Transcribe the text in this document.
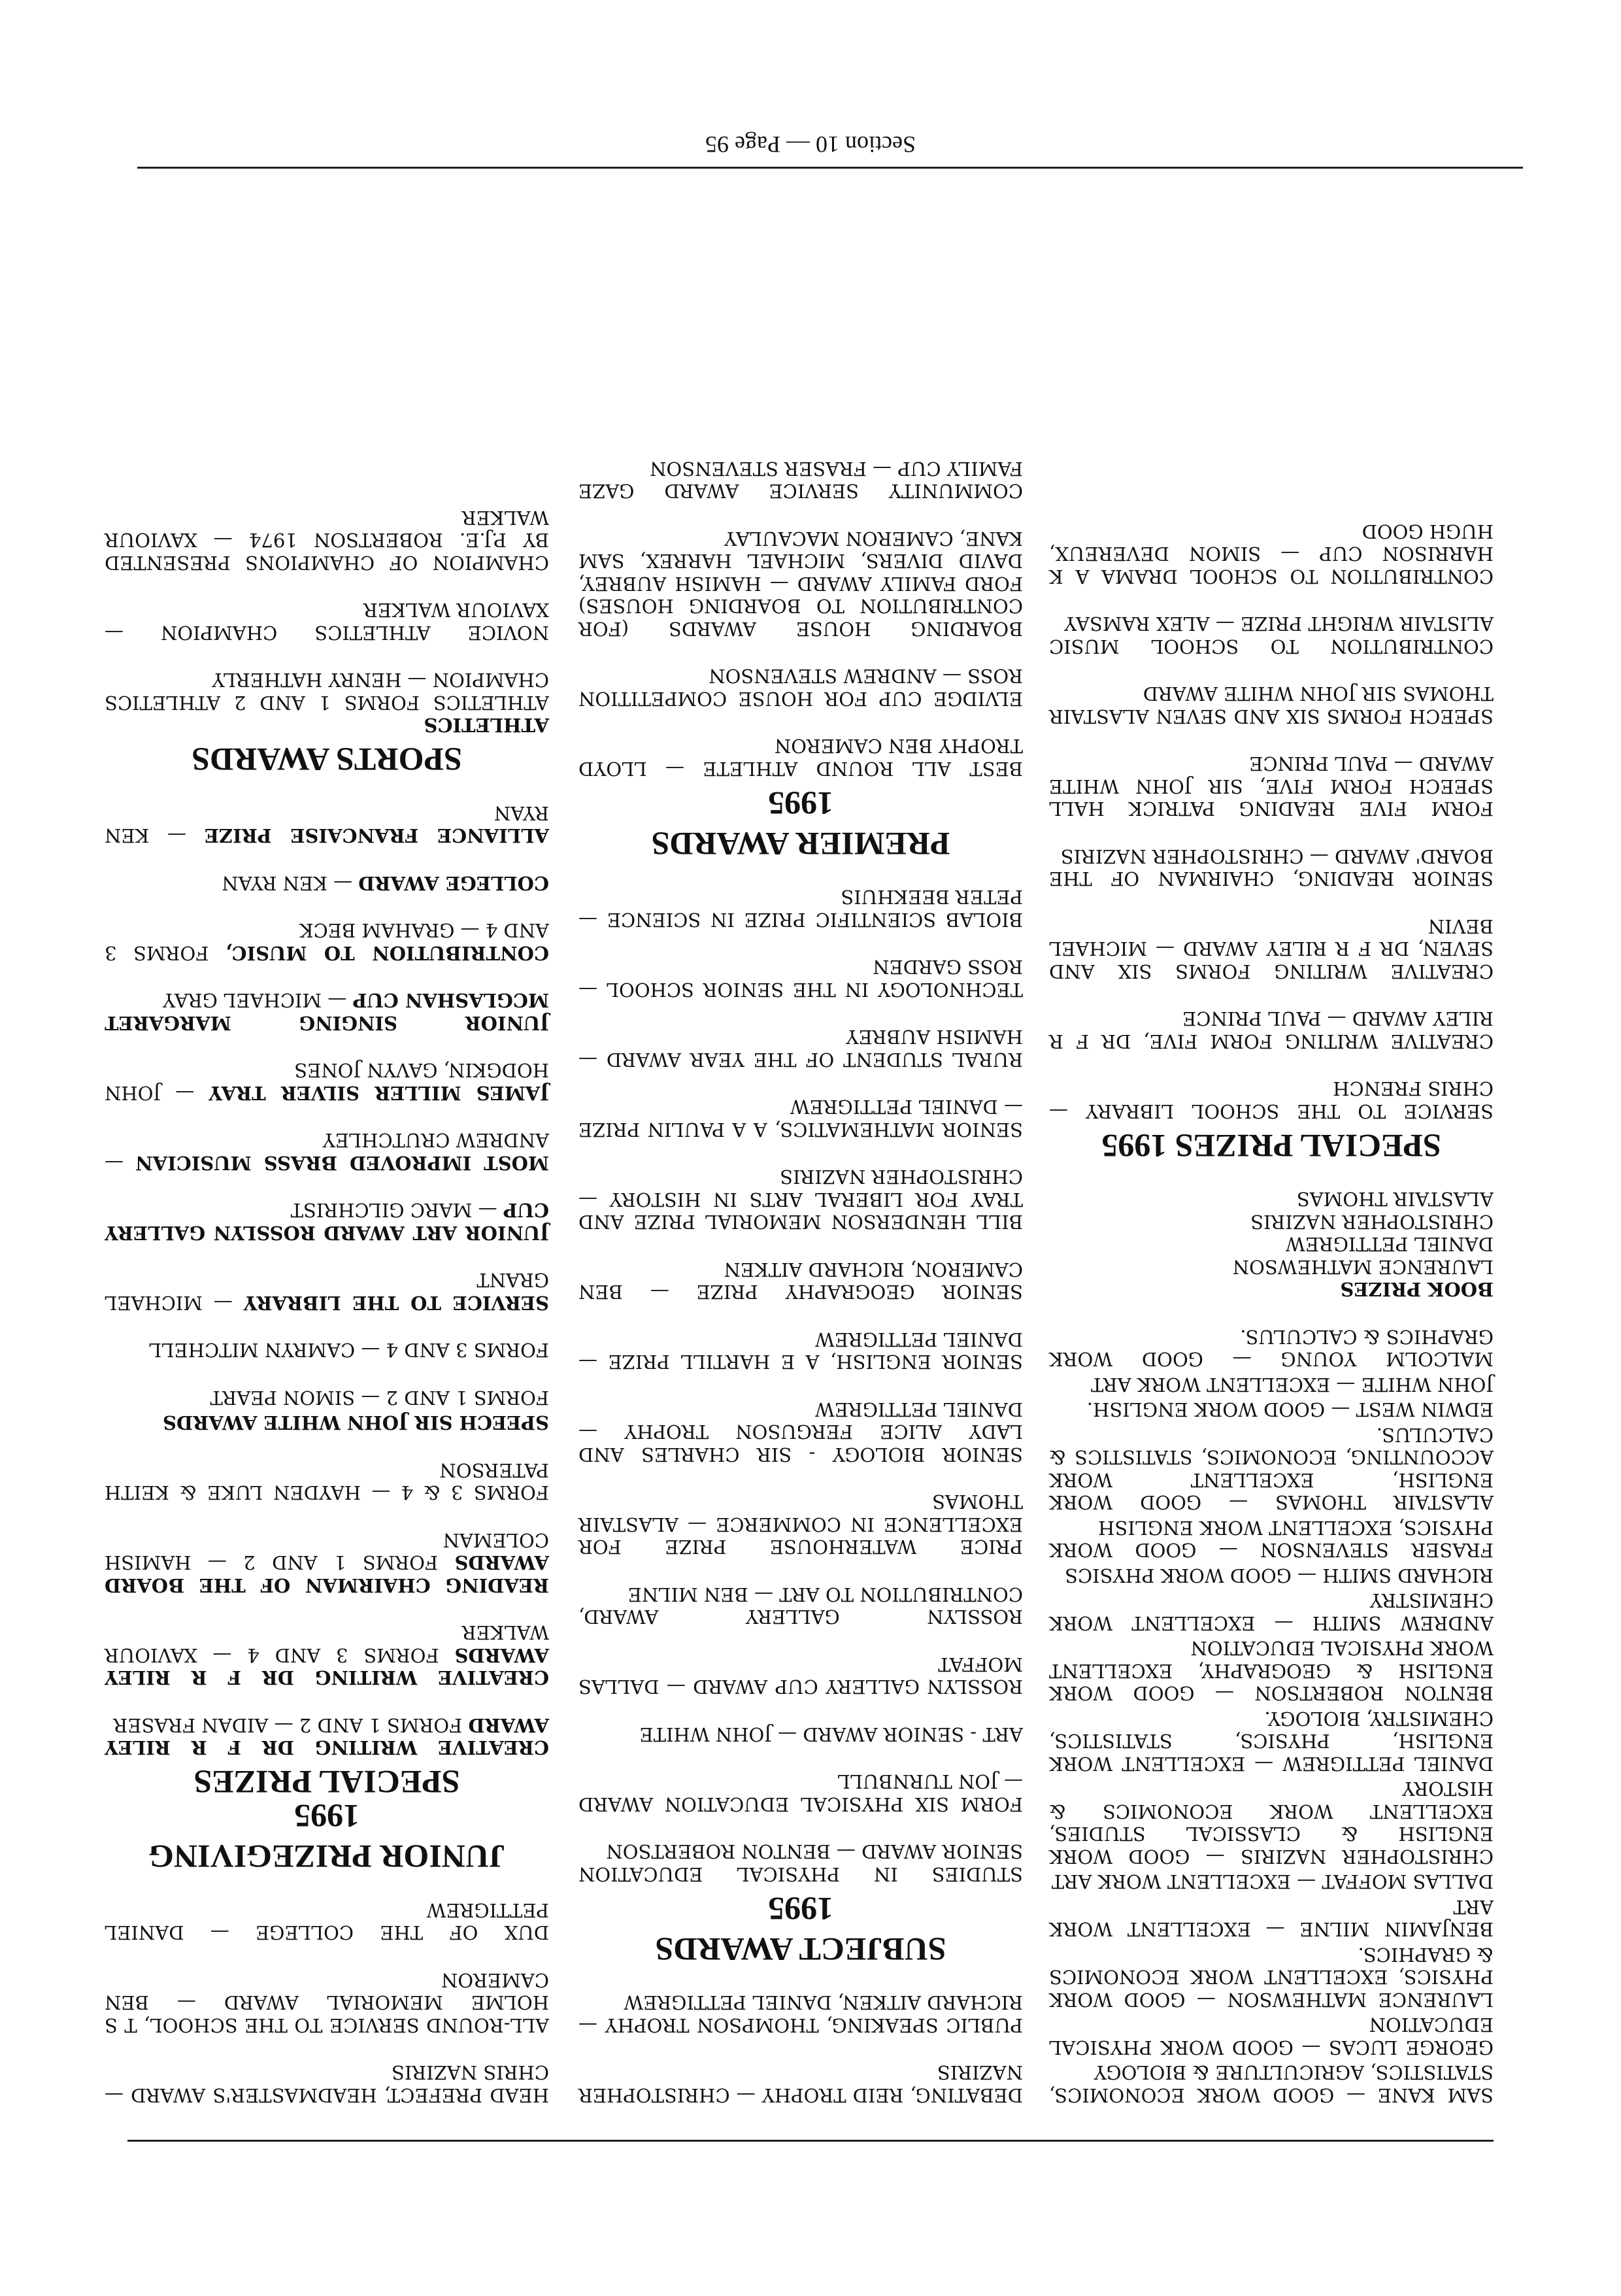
SAM KANE — GOOD WORK ECONOMICS, STATISTICS, AGRICULTURE & BIOLOGY
GEORGE LUCAS — GOOD WORK PHYSICAL EDUCATION
LAURENCE MATHEWSON — GOOD WORK PHYSICS, EXCELLENT WORK ECONOMICS & GRAPHICS.
BENJAMIN MILNE — EXCELLENT WORK ART
DALLAS MOFFAT — EXCELLENT WORK ART
CHRISTOPHER NAZIRIS — GOOD WORK ENGLISH & CLASSICAL STUDIES, EXCELLENT WORK ECONOMICS & HISTORY
DANIEL PETTIGREW — EXCELLENT WORK ENGLISH, PHYSICS, STATISTICS, CHEMISTRY, BIOLOGY.
BENTON ROBERTSON — GOOD WORK ENGLISH & GEOGRAPHY, EXCELLENT WORK PHYSICAL EDUCATION
ANDREW SMITH — EXCELLENT WORK CHEMISTRY
RICHARD SMITH — GOOD WORK PHYSICS
FRASER STEVENSON — GOOD WORK PHYSICS, EXCELLENT WORK ENGLISH
ALASTAIR THOMAS — GOOD WORK ENGLISH, EXCELLENT WORK ACCOUNTING, ECONOMICS, STATISTICS & CALCULUS.
EDWIN WEST — GOOD WORK ENGLISH.
JOHN WHITE — EXCELLENT WORK ART
MALCOLM YOUNG — GOOD WORK GRAPHICS & CALCULUS.
BOOK PRIZES
LAURENCE MATHEWSON
DANIEL PETTIGREW
CHRISTOPHER NAZIRIS
ALASTAIR THOMAS
SPECIAL PRIZES 1995
SERVICE TO THE SCHOOL LIBRARY — CHRIS FRENCH
CREATIVE WRITING FORM FIVE, DR F R RILEY AWARD — PAUL PRINCE
CREATIVE WRITING FORMS SIX AND SEVEN, DR F R RILEY AWARD — MICHAEL BEVIN
SENIOR READING, CHAIRMAN OF THE BOARD' AWARD — CHRISTOPHER NAZIRIS
FORM FIVE READING PATRICK HALL SPEECH FORM FIVE, SIR JOHN WHITE AWARD — PAUL PRINCE
SPEECH FORMS SIX AND SEVEN ALASTAIR THOMAS SIR JOHN WHITE AWARD
CONTRIBUTION TO SCHOOL MUSIC ALISTAIR WRIGHT PRIZE — ALEX RAMSAY
CONTRIBUTION TO SCHOOL DRAMA A K HARRISON CUP — SIMON DEVEREUX, HUGH GOOD
DEBATING, REID TROPHY — CHRISTOPHER NAZIRIS
PUBLIC SPEAKING, THOMPSON TROPHY — RICHARD AITKEN, DANIEL PETTIGREW
SUBJECT AWARDS
1995
STUDIES IN PHYSICAL EDUCATION SENIOR AWARD — BENTON ROBERTSON
FORM SIX PHYSICAL EDUCATION AWARD — JON TURNBULL
ART - SENIOR AWARD — JOHN WHITE
ROSSLYN GALLERY CUP AWARD — DALLAS MOFFAT
ROSSLYN GALLERY AWARD, CONTRIBUTION TO ART — BEN MILNE
PRICE WATERHOUSE PRIZE FOR EXCELLENCE IN COMMERCE — ALASTAIR THOMAS
SENIOR BIOLOGY - SIR CHARLES AND LADY ALICE FERGUSON TROPHY — DANIEL PETTIGREW
SENIOR ENGLISH, A E HARTILL PRIZE — DANIEL PETTIGREW
SENIOR GEOGRAPHY PRIZE — BEN CAMERON, RICHARD AITKEN
BILL HENDERSON MEMORIAL PRIZE AND TRAY FOR LIBERAL ARTS IN HISTORY — CHRISTOPHER NAZIRIS
SENIOR MATHEMATICS, A A PAULIN PRIZE — DANIEL PETTIGREW
RURAL STUDENT OF THE YEAR AWARD — HAMISH AUBREY
TECHNOLOGY IN THE SENIOR SCHOOL — ROSS GARDEN
BIOLAB SCIENTIFIC PRIZE IN SCIENCE — PETER BEEKHUIS
PREMIER AWARDS
1995
BEST ALL ROUND ATHLETE — LLOYD TROPHY BEN CAMERON
ELVIDGE CUP FOR HOUSE COMPETITION ROSS — ANDREW STEVENSON
BOARDING HOUSE AWARDS (FOR CONTRIBUTION TO BOARDING HOUSES) FORD FAMILY AWARD — HAMISH AUBREY, DAVID DIVERS, MICHAEL HARREX, SAM KANE, CAMERON MACAULAY
COMMUNITY SERVICE AWARD GAZE FAMILY CUP — FRASER STEVENSON
HEAD PREFECT, HEADMASTER'S AWARD — CHRIS NAZIRIS
ALL-ROUND SERVICE TO THE SCHOOL, T S HOLME MEMORIAL AWARD — BEN CAMERON
DUX OF THE COLLEGE — DANIEL PETTIGREW
JUNIOR PRIZEGIVING
1995
SPECIAL PRIZES
CREATIVE WRITING DR F R RILEY AWARD FORMS 1 AND 2 — AIDAN FRASER
CREATIVE WRITING DR F R RILEY AWARDS FORMS 3 AND 4 — XAVIOUR WALKER
READING CHAIRMAN OF THE BOARD AWARDS FORMS 1 AND 2 — HAMISH COLEMAN
FORMS 3 & 4 — HAYDEN LUKE & KEITH PATERSON
SPEECH SIR JOHN WHITE AWARDS
FORMS 1 AND 2 — SIMON PEART
FORMS 3 AND 4 — CAMRYN MITCHELL
SERVICE TO THE LIBRARY — MICHAEL GRANT
JUNIOR ART AWARD ROSSLYN GALLERY CUP — MARC GILCHRIST
MOST IMPROVED BRASS MUSICIAN — ANDREW CRUTCHLEY
JAMES MILLER SILVER TRAY — JOHN HODGKIN, GAVYN JONES
JUNIOR SINGING MARGARET MCGLASHAN CUP — MICHAEL GRAY
CONTRIBUTION TO MUSIC, FORMS 3 AND 4 — GRAHAM BECK
COLLEGE AWARD — KEN RYAN
ALLIANCE FRANCAISE PRIZE — KEN RYAN
SPORTS AWARDS
ATHLETICS
ATHLETICS FORMS 1 AND 2 ATHLETICS CHAMPION — HENRY HATHERLY
NOVICE ATHLETICS CHAMPION — XAVIOUR WALKER
CHAMPION OF CHAMPIONS PRESENTED BY P.J.E. ROBERTSON 1974 — XAVIOUR WALKER
Section 10 — Page 95
